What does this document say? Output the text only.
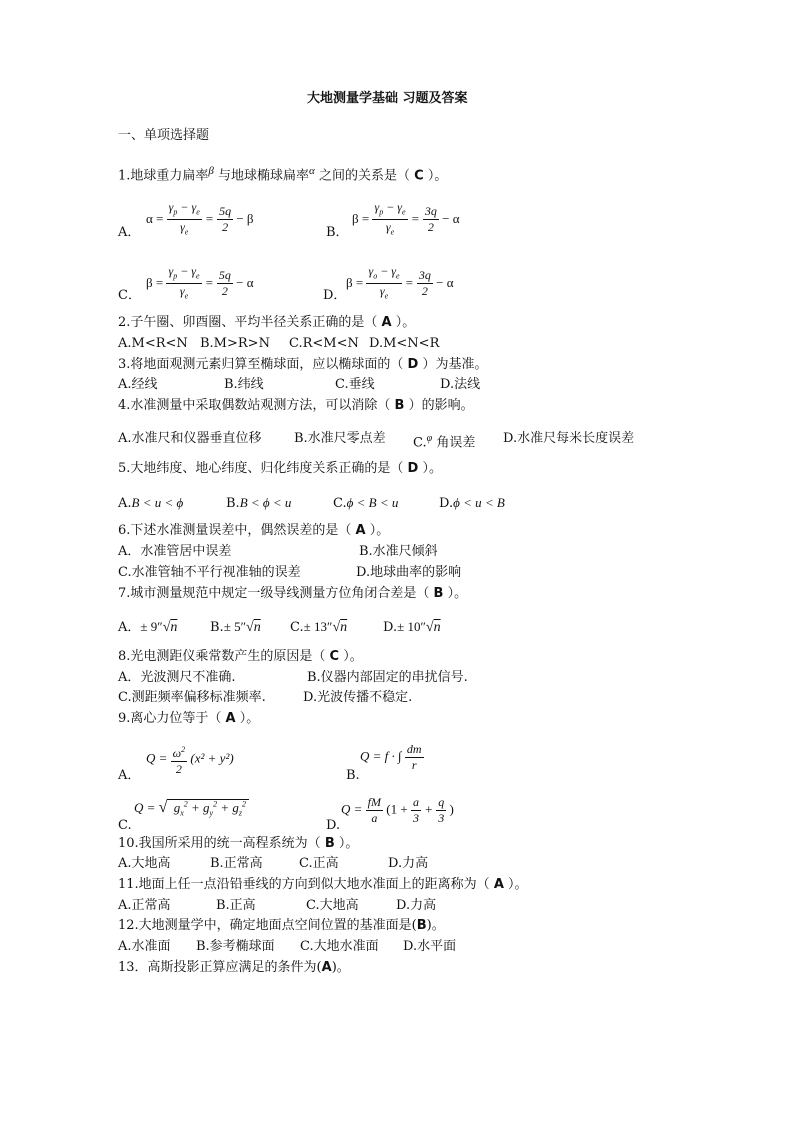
大地测量学基础 习题及答案
一、单项选择题
1.地球重力扁率$^\beta$ 与地球椭球扁率$^\alpha$ 之间的关系是（ C ）。
A．
$\alpha = \frac{\gamma_p - \gamma_e}{\gamma_e} = \frac{5q}{2} - \beta$
B．
$\beta = \frac{\gamma_p - \gamma_e}{\gamma_e} = \frac{3q}{2} - \alpha$
C．
$\beta = \frac{\gamma_p - \gamma_e}{\gamma_e} = \frac{5q}{2} - \alpha$
D．
$\beta = \frac{\gamma_o - \gamma_e}{\gamma_e} = \frac{3q}{2} - \alpha$
2.子午圈、卯酉圈、平均半径关系正确的是（ A ）。
A.M<R<N B.M>R>N C.R<M<N D.M<N<R
3.将地面观测元素归算至椭球面，应以椭球面的（ D ）为基准。
A.经线	B.纬线	C.垂线	D.法线
4.水准测量中采取偶数站观测方法，可以消除（ B ）的影响。
A.水准尺和仪器垂直位移 B.水准尺零点差 C.$^\varphi$ 角误差 D.水准尺每米长度误差
5.大地纬度、地心纬度、归化纬度关系正确的是（ D ）。
A.B < u < ϕ	B.B < ϕ < u	C.ϕ < B < u	D.ϕ < u < B
6.下述水准测量误差中，偶然误差的是（ A ）。
A．水准管居中误差	B.水准尺倾斜
C.水准管轴不平行视准轴的误差	D.地球曲率的影响
7.城市测量规范中规定一级导线测量方位角闭合差是（ B ）。
A．± 9″√n	B.± 5″√n C.± 13″√n	D.± 10″√n
8.光电测距仪乘常数产生的原因是（ C ）。
A．光波测尺不准确.	B.仪器内部固定的串扰信号.
C.测距频率偏移标准频率.	D.光波传播不稳定.
9.离心力位等于（ A ）。
A．
$Q = \frac{\omega^2}{2} (x^2 + y^2)$
B.
Q = f · ∫ $\frac{dm}{r}$
C.
Q = √ $g_x^2 + g_y^2 + g_z^2$
D.
$Q = \frac{fM}{a} (1 + \frac{a}{3} + \frac{q}{3}$ )
10.我国所采用的统一高程系统为（ B ）。
A.大地高	B.正常高	C.正高	D.力高
11.地面上任一点沿铅垂线的方向到似大地水准面上的距离称为（ A ）。
A.正常高	B.正高	C.大地高	D.力高
12.大地测量学中，确定地面点空间位置的基准面是(B)。
A.水准面 B.参考椭球面 C.大地水准面 D.水平面
13．高斯投影正算应满足的条件为(A)。
